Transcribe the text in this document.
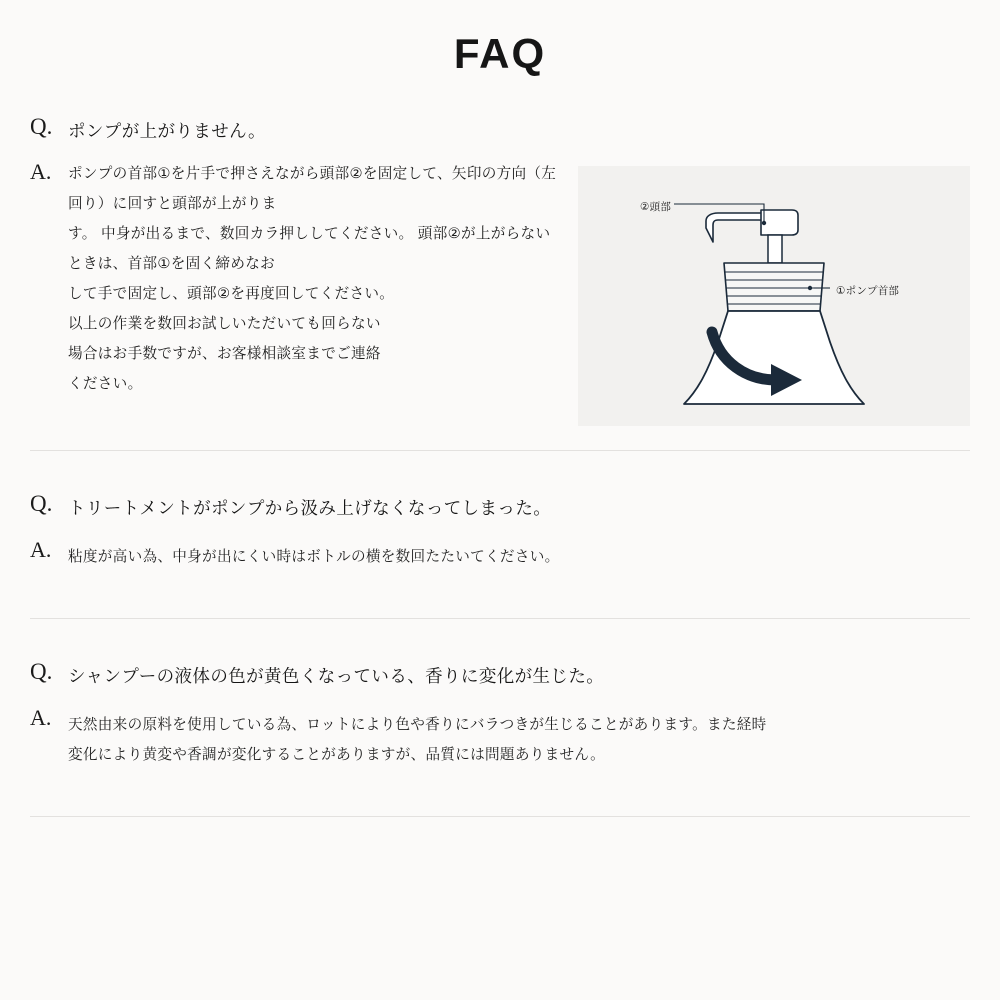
FAQ
Q. ポンプが上がりません。
A.	ポンプの首部①を片手で押さえながら頭部②を固定して、矢印の方向（左回り）に回すと頭部が上がりま
す。 中身が出るまで、数回カラ押ししてください。 頭部②が上がらないときは、首部①を固く締めなお
して手で固定し、頭部②を再度回してください。
以上の作業を数回お試しいただいても回らない
場合はお手数ですが、お客様相談室までご連絡
ください。
②頭部
①ポンプ首部
Q. トリートメントがポンプから汲み上げなくなってしまった。
A.	粘度が高い為、中身が出にくい時はボトルの横を数回たたいてください。
Q. シャンプーの液体の色が黄色くなっている、香りに変化が生じた。
A.	天然由来の原料を使用している為、ロットにより色や香りにバラつきが生じることがあります。また経時
変化により黄変や香調が変化することがありますが、品質には問題ありません。
